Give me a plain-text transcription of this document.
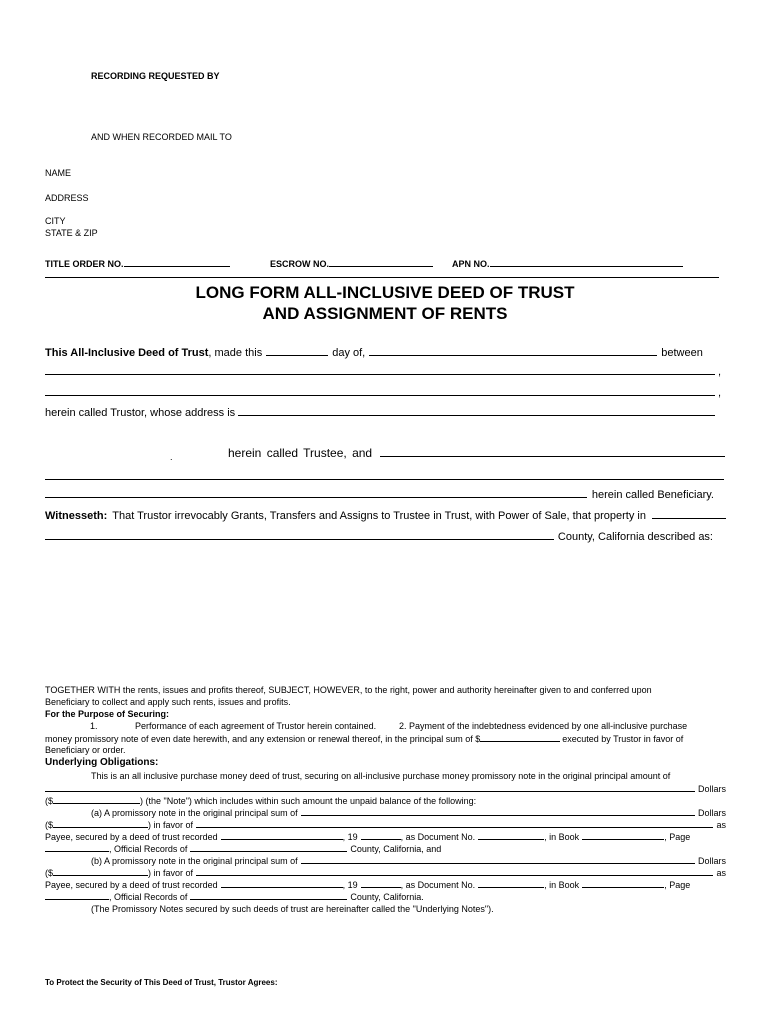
RECORDING REQUESTED BY
AND WHEN RECORDED MAIL TO
NAME
ADDRESS
CITY
STATE & ZIP
TITLE ORDER NO.	ESCROW NO.	APN NO.
LONG FORM ALL-INCLUSIVE DEED OF TRUST
AND ASSIGNMENT OF RENTS
This All-Inclusive Deed of Trust , made this	day of,	between
,
,
herein called Trustor, whose address is
.	herein called Trustee, and
herein called Beneficiary.
Witnesseth: That Trustor irrevocably Grants, Transfers and Assigns to Trustee in Trust, with Power of Sale, that property in
County, California described as:
TOGETHER WITH the rents, issues and profits thereof, SUBJECT, HOWEVER, to the right, power and authority hereinafter given to and conferred upon
Beneficiary to collect and apply such rents, issues and profits.
For the Purpose of Securing:
1.	Performance of each agreement of Trustor herein contained.	2. Payment of the indebtedness evidenced by one all-inclusive purchase
money promissory note of even date herewith, and any extension or renewal thereof, in the principal sum of $	executed by Trustor in favor of
Beneficiary or order.
Underlying Obligations:
This is an all inclusive purchase money deed of trust, securing on all-inclusive purchase money promissory note in the original principal amount of
Dollars
($	) (the "Note") which includes within such amount the unpaid balance of the following:
(a) A promissory note in the original principal sum of	Dollars
($	) in favor of	as
Payee, secured by a deed of trust recorded	, 19	, as Document No.	, in Book	, Page
, Official Records of	County, California, and
(b) A promissory note in the original principal sum of	Dollars
($	) in favor of	as
Payee, secured by a deed of trust recorded	, 19	, as Document No.	, in Book	, Page
, Official Records of	County, California.
(The Promissory Notes secured by such deeds of trust are hereinafter called the "Underlying Notes").
To Protect the Security of This Deed of Trust, Trustor Agrees:
